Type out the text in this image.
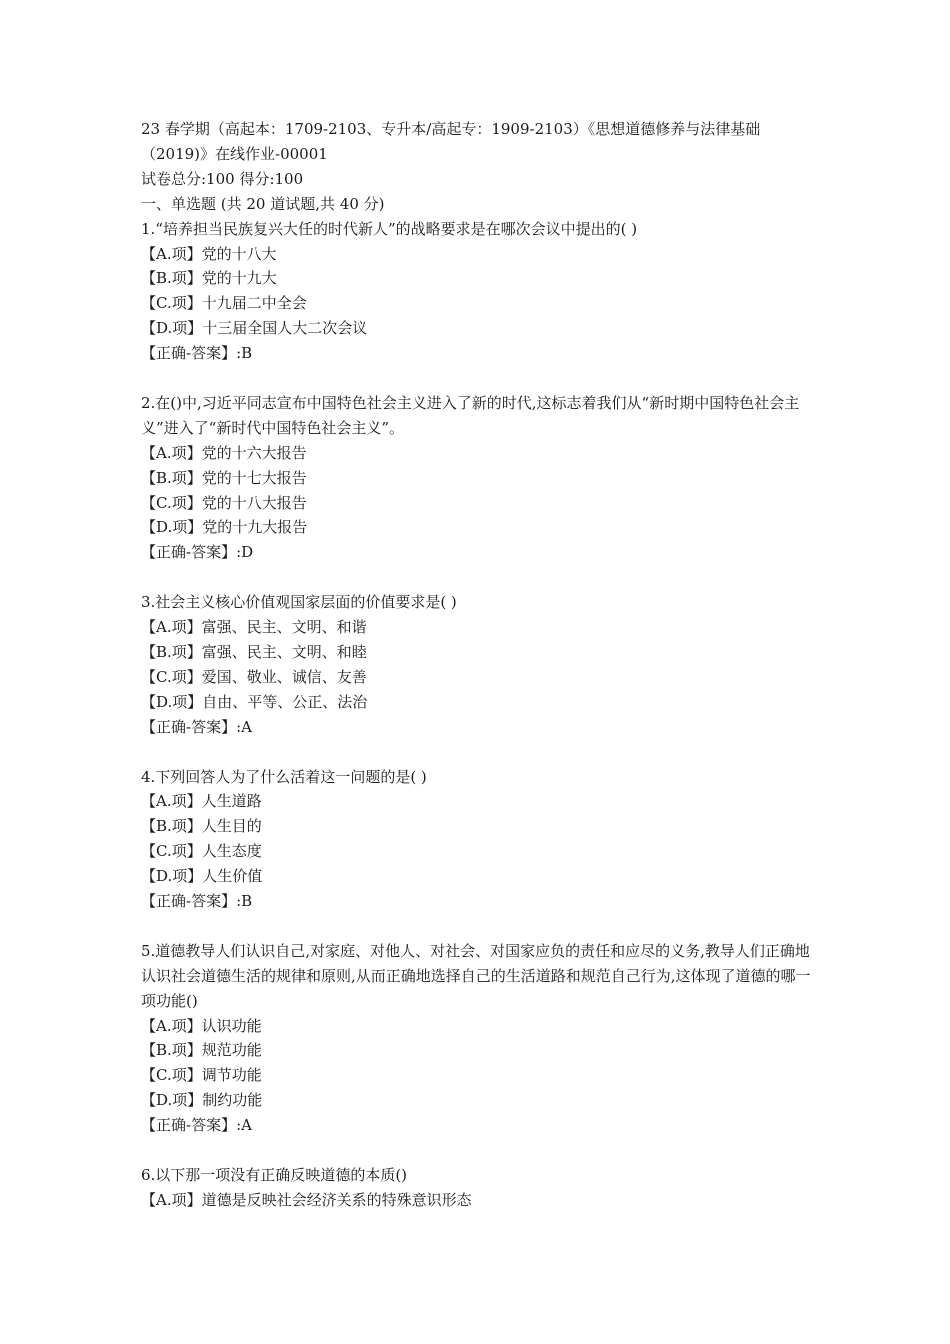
23 春学期（高起本：1709-2103、专升本/高起专：1909-2103）《思想道德修养与法律基础
（2019)》在线作业-00001
试卷总分:100 得分:100
一、单选题 (共 20 道试题,共 40 分)
1.“培养担当民族复兴大任的时代新人”的战略要求是在哪次会议中提出的( )
【A.项】党的十八大
【B.项】党的十九大
【C.项】十九届二中全会
【D.项】十三届全国人大二次会议
【正确-答案】:B
2.在()中,习近平同志宣布中国特色社会主义进入了新的时代,这标志着我们从“新时期中国特色社会主义”进入了“新时代中国特色社会主义”。
【A.项】党的十六大报告
【B.项】党的十七大报告
【C.项】党的十八大报告
【D.项】党的十九大报告
【正确-答案】:D
3.社会主义核心价值观国家层面的价值要求是( )
【A.项】富强、民主、文明、和谐
【B.项】富强、民主、文明、和睦
【C.项】爱国、敬业、诚信、友善
【D.项】自由、平等、公正、法治
【正确-答案】:A
4.下列回答人为了什么活着这一问题的是( )
【A.项】人生道路
【B.项】人生目的
【C.项】人生态度
【D.项】人生价值
【正确-答案】:B
5.道德教导人们认识自己,对家庭、对他人、对社会、对国家应负的责任和应尽的义务,教导人们正确地认识社会道德生活的规律和原则,从而正确地选择自己的生活道路和规范自己行为,这体现了道德的哪一项功能()
【A.项】认识功能
【B.项】规范功能
【C.项】调节功能
【D.项】制约功能
【正确-答案】:A
6.以下那一项没有正确反映道德的本质()
【A.项】道德是反映社会经济关系的特殊意识形态
